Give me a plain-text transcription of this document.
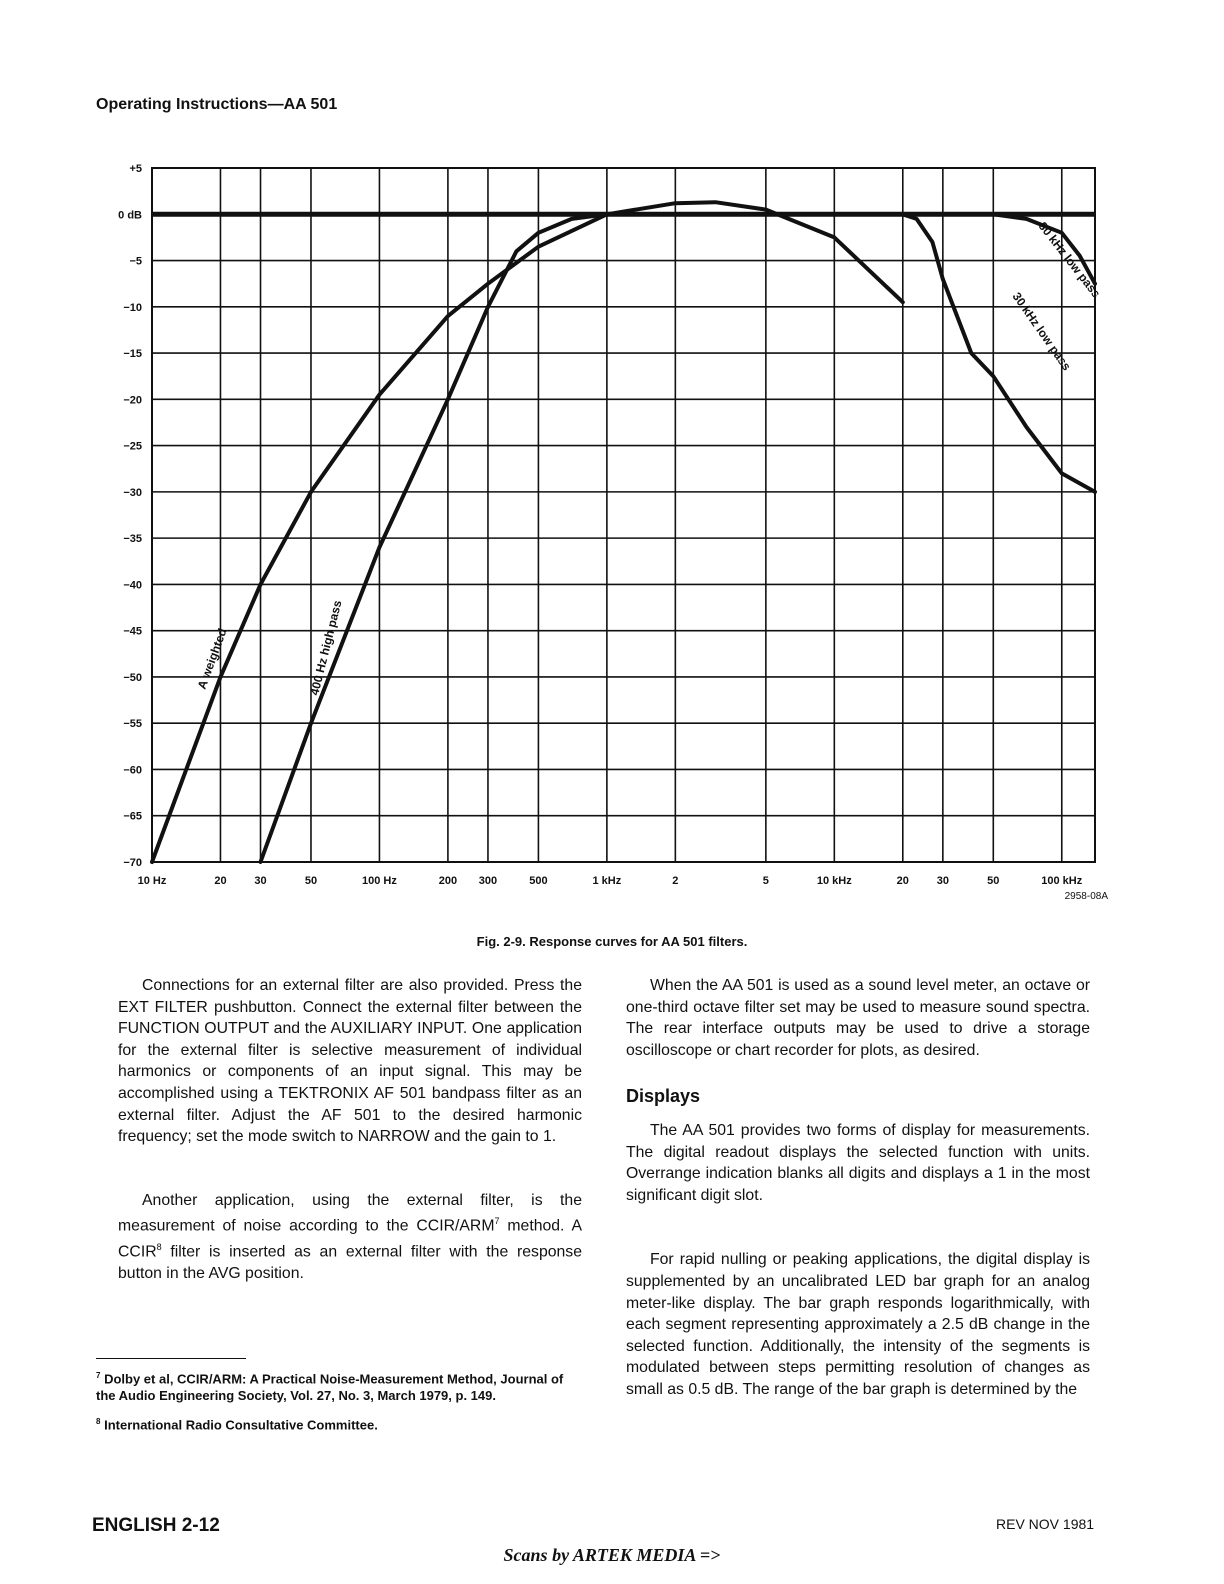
Operating Instructions—AA 501
+5
0 dB
−5
−10
−15
−20
−25
−30
−35
−40
−45
−50
−55
−60
−65
−70
10 Hz	20	30	50	100 Hz	200 300	500	1 kHz	2	5	10 kHz	20	30	50	100 kHz
A weighted	400 Hz high pass
30 kHz low pass
80 kHz low pass
2958-08A
Fig. 2-9. Response curves for AA 501 filters.

Connections for an external filter are also provided. Press the EXT FILTER pushbutton. Connect the external filter between the FUNCTION OUTPUT and the AUXILIARY INPUT. One application for the external filter is selective measurement of individual harmonics or components of an input signal. This may be accomplished using a TEKTRONIX AF 501 bandpass filter as an external filter. Adjust the AF 501 to the desired harmonic frequency; set the mode switch to NARROW and the gain to 1.

Another application, using the external filter, is the measurement of noise according to the CCIR/ARM$^7$ method. A CCIR$^8$ filter is inserted as an external filter with the response button in the AVG position.

When the AA 501 is used as a sound level meter, an octave or one-third octave filter set may be used to measure sound spectra. The rear interface outputs may be used to drive a storage oscilloscope or chart recorder for plots, as desired.

Displays

The AA 501 provides two forms of display for measurements. The digital readout displays the selected function with units. Overrange indication blanks all digits and displays a 1 in the most significant digit slot.

For rapid nulling or peaking applications, the digital display is supplemented by an uncalibrated LED bar graph for an analog meter-like display. The bar graph responds logarithmically, with each segment representing approximately a 2.5 dB change in the selected function. Additionally, the intensity of the segments is modulated between steps permitting resolution of changes as small as 0.5 dB. The range of the bar graph is determined by the

$^7$ Dolby et al, CCIR/ARM: A Practical Noise-Measurement Method, Journal of the Audio Engineering Society, Vol. 27, No. 3, March 1979, p. 149.

$^8$ International Radio Consultative Committee.

ENGLISH 2-12	REV NOV 1981
Scans by ARTEK MEDIA =>
